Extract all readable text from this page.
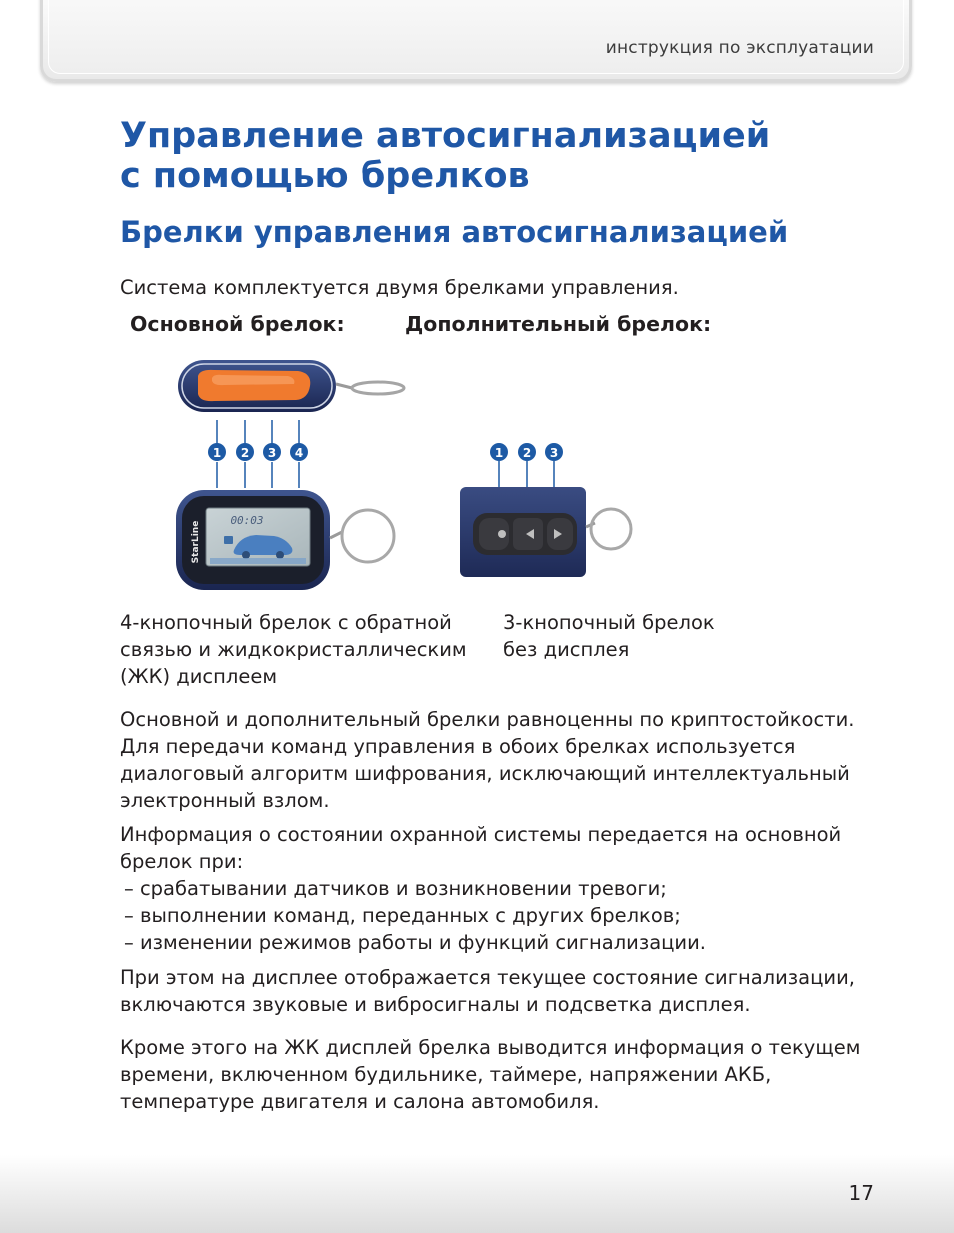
инструкция по эксплуатации
Управление автосигнализацией
с помощью брелков
Брелки управления автосигнализацией

Система комплектуется двумя брелками управления.

Основной брелок:	Дополнительный брелок:
1 2 3 4
StarLine
00:03
1 2 3

4-кнопочный брелок с обратной
связью и жидкокристаллическим
(ЖК) дисплеем

3-кнопочный брелок
без дисплея

Основной и дополнительный брелки равноценны по криптостойкости.
Для передачи команд управления в обоих брелках используется
диалоговый алгоритм шифрования, исключающий интеллектуальный
электронный взлом.

Информация о состоянии охранной системы передается на основной
брелок при:

– срабатывании датчиков и возникновении тревоги;
– выполнении команд, переданных с других брелков;
– изменении режимов работы и функций сигнализации.

При этом на дисплее отображается текущее состояние сигнализации,
включаются звуковые и вибросигналы и подсветка дисплея.

Кроме этого на ЖК дисплей брелка выводится информация о текущем
времени, включенном будильнике, таймере, напряжении АКБ,
температуре двигателя и салона автомобиля.

17
